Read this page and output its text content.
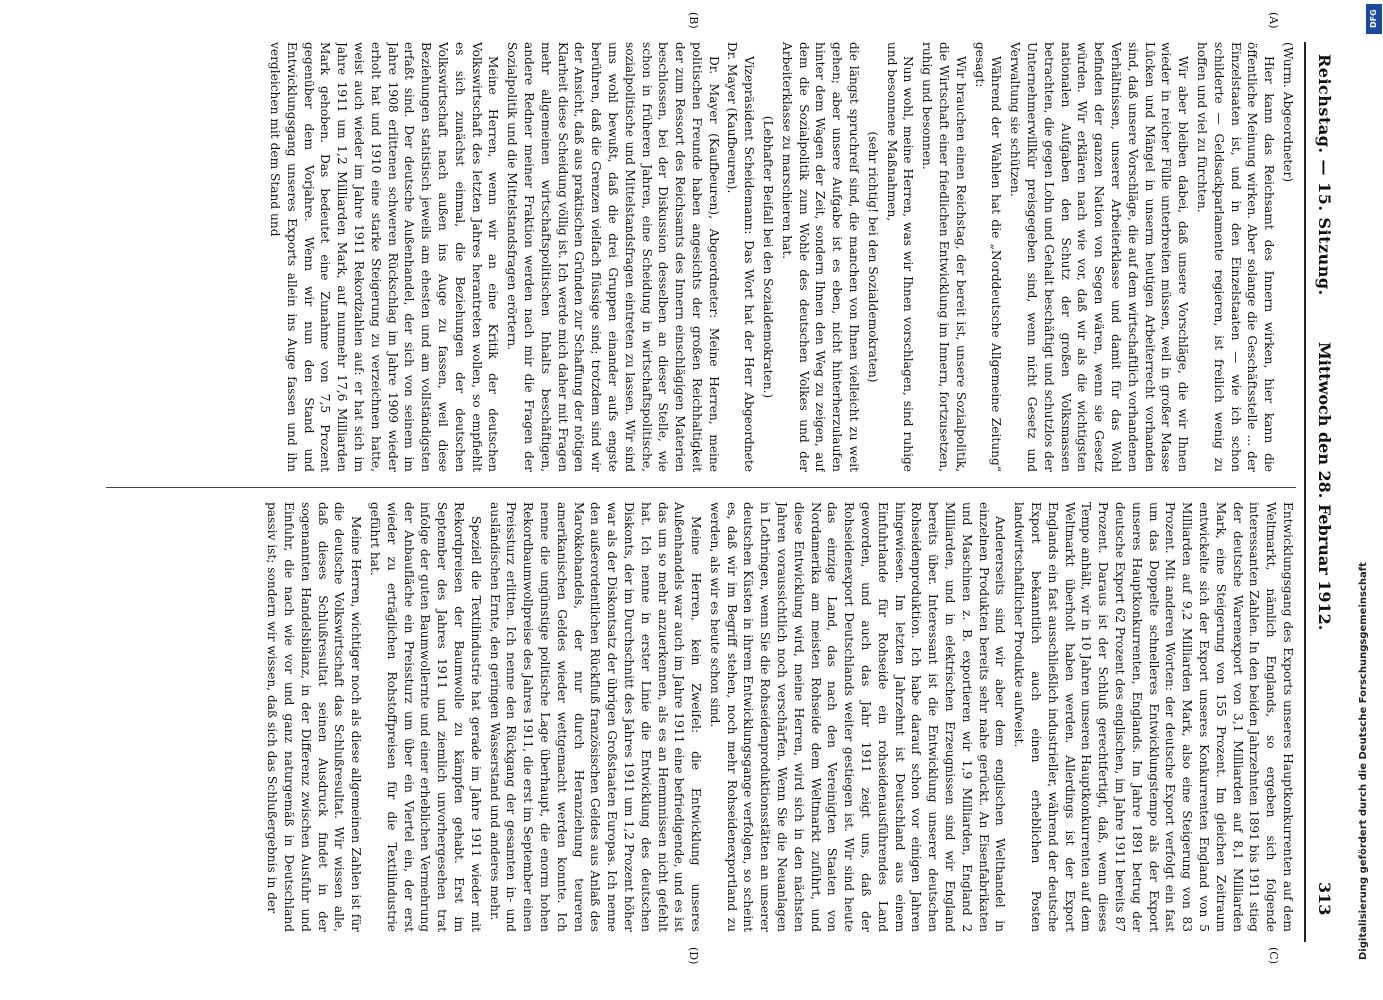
Reichstag. — 15. Sitzung.
Mittwoch den 28. Februar 1912.
313
(A)
(B)
(C)
(D)

(Wurm. Abgeordneter)

Hier kann das Reichsamt des Innern wirken, hier kann die öffentliche Meinung wirken. Aber solange die Geschäftsstelle ... der Einzelstaaten ist, und in den Einzelstaaten — wie ich schon schilderte — Geldsackparlamente regieren, ist freilich wenig zu hoffen und viel zu fürchten.

Wir aber bleiben dabei, daß unsere Vorschläge, die wir Ihnen wieder in reicher Fülle unterbreiten müssen, weil in großer Masse Lücken und Mängel in unserm heutigen Arbeiterrecht vorhanden sind, daß unsere Vorschläge, die auf dem wirtschaftlich vorhandenen Verhältnissen, unserer Arbeiterklasse und damit für das Wohl befinden der ganzen Nation von Segen wären, wenn sie Gesetz würden. Wir erklären nach wie vor, daß wir als die wichtigsten nationalen Aufgaben den Schutz der großen Volksmassen betrachten, die gegen Lohn und Gehalt beschäftigt und schutzlos der Unternehmerwillkür preisgegeben sind, wenn nicht Gesetz und Verwaltung sie schützen.

Während der Wahlen hat die „Norddeutsche Allgemeine Zeitung“ gesagt:

Wir brauchen einen Reichstag, der bereit ist, unsere Sozialpolitik, die Wirtschaft einer friedlichen Entwicklung im Innern, fortzusetzen, ruhig und besonnen.

Nun wohl, meine Herren, was wir Ihnen vorschlagen, sind ruhige und besonnene Maßnahmen,

(sehr richtig! bei den Sozialdemokraten)

die längst spruchreif sind, die manchen von Ihnen vielleicht zu weit gehen; aber unsere Aufgabe ist es eben, nicht hinterherzulaufen hinter dem Wagen der Zeit, sondern Ihnen den Weg zu zeigen, auf dem die Sozialpolitik zum Wohle des deutschen Volkes und der Arbeiterklasse zu marschieren hat.

(Lebhafter Beifall bei den Sozialdemokraten.)

Vizepräsident Scheidemann: Das Wort hat der Herr Abgeordnete Dr. Mayer (Kaufbeuren).

Dr. Mayer (Kaufbeuren), Abgeordneter: Meine Herren, meine politischen Freunde haben angesichts der großen Reichhaltigkeit der zum Ressort des Reichsamts des Innern einschlägigen Materien beschlossen, bei der Diskussion desselben an dieser Stelle, wie schon in früheren Jahren, eine Scheidung in wirtschaftspolitische, sozialpolitische und Mittelstandsfragen eintreten zu lassen. Wir sind uns wohl bewußt, daß die drei Gruppen einander aufs engste berühren, daß die Grenzen vielfach flüssige sind; trotzdem sind wir der Ansicht, daß aus praktischen Gründen zur Schaffung der nötigen Klarheit diese Scheidung völlig ist. Ich werde mich daher mit Fragen mehr allgemeinen wirtschaftspolitischen Inhalts beschäftigen, andere Redner meiner Fraktion werden nach mir die Fragen der Sozialpolitik und die Mittelstandsfragen erörtern.

Meine Herren, wenn wir an eine Kritik der deutschen Volkswirtschaft des letzten Jahres herantreten wollen, so empfiehlt es sich zunächst einmal, die Beziehungen der deutschen Volkswirtschaft nach außen ins Auge zu fassen, weil diese Beziehungen statistisch jeweils am ehesten und am vollständigsten erfaßt sind. Der deutsche Außenhandel, der sich von seinem im Jahre 1908 erlittenen schweren Rückschlag im Jahre 1909 wieder erholt hat und 1910 eine starke Steigerung zu verzeichnen hatte, weist auch wieder im Jahre 1911 Rekordzahlen auf: er hat sich im Jahre 1911 um 1,2 Milliarden Mark, auf nunmehr 17,6 Milliarden Mark gehoben. Das bedeutet eine Zunahme von 7,5 Prozent gegenüber dem Vorjahre. Wenn wir nun den Stand und Entwicklungsgang unseres Exports allein ins Auge fassen und ihn vergleichen mit dem Stand und

Entwicklungsgang des Exports unseres Hauptkonkurrenten auf dem Weltmarkt, nämlich Englands, so ergeben sich folgende interessanten Zahlen. In den beiden Jahrzehnten 1891 bis 1911 stieg der deutsche Warenexport von 3,1 Milliarden auf 8,1 Milliarden Mark, eine Steigerung von 155 Prozent. Im gleichen Zeitraum entwickelte sich der Export unseres Konkurrenten England von 5 Milliarden auf 9,2 Milliarden Mark, also eine Steigerung von 83 Prozent. Mit anderen Worten: der deutsche Export verfolgt ein fast um das Doppelte schnelleres Entwicklungstempo als der Export unseres Hauptkonkurrenten, Englands. Im Jahre 1891 betrug der deutsche Export 62 Prozent des englischen, im Jahre 1911 bereits 87 Prozent. Daraus ist der Schluß gerechtfertigt, daß, wenn dieses Tempo anhält, wir in 10 Jahren unseren Hauptkonkurrenten auf dem Weltmarkt überholt haben werden. Allerdings ist der Export Englands ein fast ausschließlich industrieller, während der deutsche Export bekanntlich auch einen erheblichen Posten landwirtschaftlicher Produkte aufweist.

Andererseits sind wir aber dem englischen Welthandel in einzelnen Produkten bereits sehr nahe gerückt. An Eisenfabrikaten und Maschinen z. B. exportieren wir 1,9 Milliarden, England 2 Milliarden, und in elektrischen Erzeugnissen sind wir England bereits über. Interessant ist die Entwicklung unserer deutschen Rohseidenproduktion. Ich habe darauf schon vor einigen Jahren hingewiesen. Im letzten Jahrzehnt ist Deutschland aus einem Einfuhrlande für Rohseide ein rohseidenausführendes Land geworden, und auch das Jahr 1911 zeigt uns, daß der Rohseidenexport Deutschlands weiter gestiegen ist. Wir sind heute das einzige Land, das nach den Vereinigten Staaten von Nordamerika am meisten Rohseide dem Weltmarkt zuführt, und diese Entwicklung wird, meine Herren, wird sich in den nächsten Jahren voraussichtlich noch verschärfen. Wenn Sie die Neuanlagen in Lothringen, wenn Sie die Rohseidenproduktionsstätten an unserer deutschen Küsten in ihrem Entwicklungsgange verfolgen, so scheint es, daß wir im Begriff stehen, noch mehr Rohseidenexportland zu werden, als wir es heute schon sind.

Meine Herren, kein Zweifel: die Entwicklung unseres Außenhandels war auch im Jahre 1911 eine befriedigende, und es ist das um so mehr anzuerkennen, als es an Hemmnissen nicht gefehlt hat. Ich nenne in erster Linie die Entwicklung des deutschen Diskonts, der im Durchschnitt des Jahres 1911 um 1,2 Prozent höher war als der Diskontsatz der übrigen Großstaaten Europas. Ich nenne den außerordentlichen Rückfluß französischen Geldes aus Anlaß des Marokkohandels, der nur durch Heranziehung teureren amerikanischen Geldes wieder wettgemacht werden konnte. Ich nenne die ungünstige politische Lage überhaupt, die enorm hohen Rekordbaumwollpreise des Jahres 1911, die erst im September einen Preissturz erlitten. Ich nenne den Rückgang der gesamten in- und ausländischen Ernte, den geringen Wasserstand und anderes mehr.

Speziell die Textilindustrie hat gerade im Jahre 1911 wieder mit Rekordpreisen der Baumwolle zu kämpfen gehabt. Erst im September des Jahres 1911 und ziemlich unvorhergesehen trat infolge der guten Baumwollernte und einer erheblichen Vermehrung der Anbaufläche ein Preissturz um über ein Viertel ein, der erst wieder zu erträglichen Rohstoffpreisen für die Textilindustrie geführt hat.

Meine Herren, wichtiger noch als diese allgemeinen Zahlen ist für die deutsche Volkswirtschaft das Schlußresultat. Wir wissen alle, daß dieses Schlußresultat seinen Ausdruck findet in der sogenannten Handelsbilanz, in der Differenz zwischen Ausfuhr und Einfuhr, die nach wie vor und ganz naturgemäß in Deutschland passiv ist; sondern wir wissen, daß sich das Schlußergebnis in der

DFG
Digitalisierung gefördert durch die Deutsche Forschungsgemeinschaft
